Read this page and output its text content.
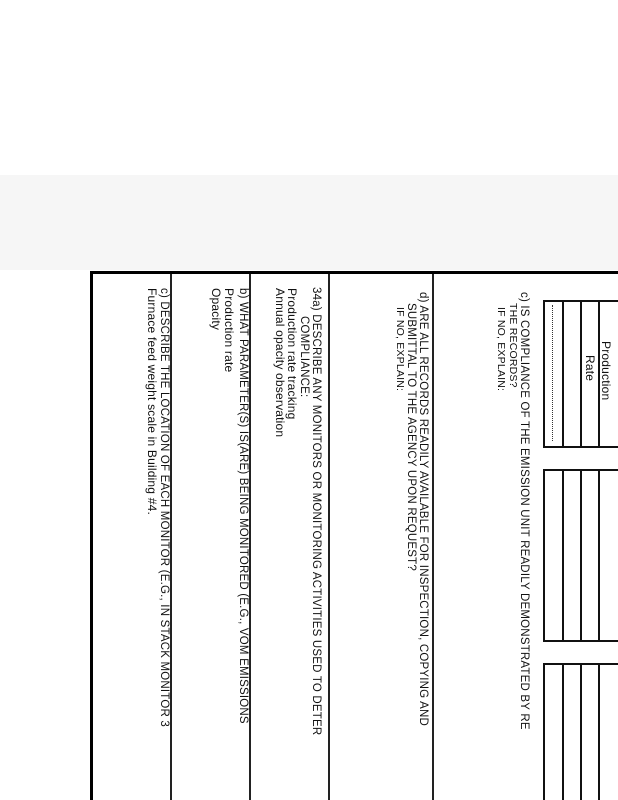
c) DESCRIBE THE LOCATION OF EACH MONITOR (E.G., IN STACK MONITOR 3
Furnace feed weight scale in Building #4.	b) WHAT PARAMETER(S) IS(ARE) BEING MONITORED (E.G., VOM EMISSIONS
Production rate
Opacity	34a) DESCRIBE ANY MONITORS OR MONITORING ACTIVITIES USED TO DETER
COMPLIANCE:
Production rate tracking
Annual opacity observation	d) ARE ALL RECORDS READILY AVAILABLE FOR INSPECTION, COPYING AND
SUBMITTAL TO THE AGENCY UPON REQUEST?
IF NO, EXPLAIN:	c) IS COMPLIANCE OF THE EMISSION UNIT READILY DEMONSTRATED BY RE
THE RECORDS?
IF NO, EXPLAIN:	Production
Rate
